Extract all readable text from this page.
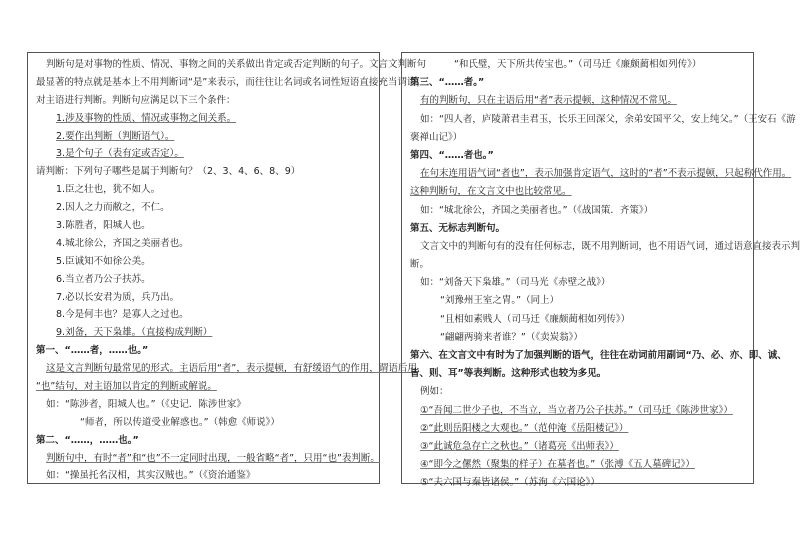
判断句是对事物的性质、情况、事物之间的关系做出肯定或否定判断的句子。文言文判断句
最显著的特点就是基本上不用判断词“是”来表示，而往往让名词或名词性短语直接充当谓语，
对主语进行判断。判断句应满足以下三个条件：
1.涉及事物的性质、情况或事物之间关系。
2.要作出判断（判断语气）。
3.是个句子（表有定或否定）。
请判断：下列句子哪些是属于判断句？（2、3、4、6、8、9）
1.臣之壮也，犹不如人。
2.因人之力而敝之，不仁。
3.陈胜者，阳城人也。
4.城北徐公，齐国之美丽者也。
5.臣诚知不如徐公美。
6.当立者乃公子扶苏。
7.必以长安君为质，兵乃出。
8.今是何丰也？是寡人之过也。
9.刘备，天下枭雄。（直接构成判断）
第一、“……者，……也。”
这是文言判断句最常见的形式。主语后用“者”，表示提顿，有舒缓语气的作用，谓语后用
“也”结句，对主语加以肯定的判断或解说。
如：“陈涉者，阳城人也。”（《史记．陈涉世家》
“师者，所以传道受业解惑也。”（韩愈《师说》）
第二、“……，……也。”
判断句中，有时“者”和“也”不一定同时出现，一般省略“者”，只用“也”表判断。
如：“操虽托名汉相，其实汉贼也。”（《资治通鉴》
“和氏璧，天下所共传宝也。”（司马迁《廉颇蔺相如列传》）
第三、“……者。”
有的判断句，只在主语后用“者”表示提顿，这种情况不常见。
如：“四人者，庐陵萧君圭君玉，长乐王回深父，余弟安国平父，安上纯父。”（王安石《游
褒禅山记》）
第四、“……者也。”
在句末连用语气词“者也”，表示加强肯定语气，这时的“者”不表示提顿，只起称代作用。
这种判断句，在文言文中也比较常见。
如：“城北徐公，齐国之美丽者也。”（《战国策．齐策》）
第五、无标志判断句。
文言文中的判断句有的没有任何标志，既不用判断词，也不用语气词，通过语意直接表示判
断。
如：“刘备天下枭雄。”（司马光《赤壁之战》）
“刘豫州王室之胄。”（同上）
“且相如素贱人（司马迁《廉颇蔺相如列传》）
“翩翩两骑来者谁？”（《卖炭翁》）
第六、在文言文中有时为了加强判断的语气，往往在动词前用副词“乃、必、亦、即、诚、
皆、则、耳”等表判断。这种形式也较为多见。
例如：
①“吾闻二世少子也，不当立，当立者乃公子扶苏。”（司马迁《陈涉世家》）
②“此则岳阳楼之大观也。”（范仲淹《岳阳楼记》）
③“此诚危急存亡之秋也。”（诸葛亮《出师表》）
④“即今之傫然（聚集的样子）在墓者也。”（张溥《五人墓碑记》）
⑤“夫六国与秦皆诸侯。”（苏洵《六国论》）
